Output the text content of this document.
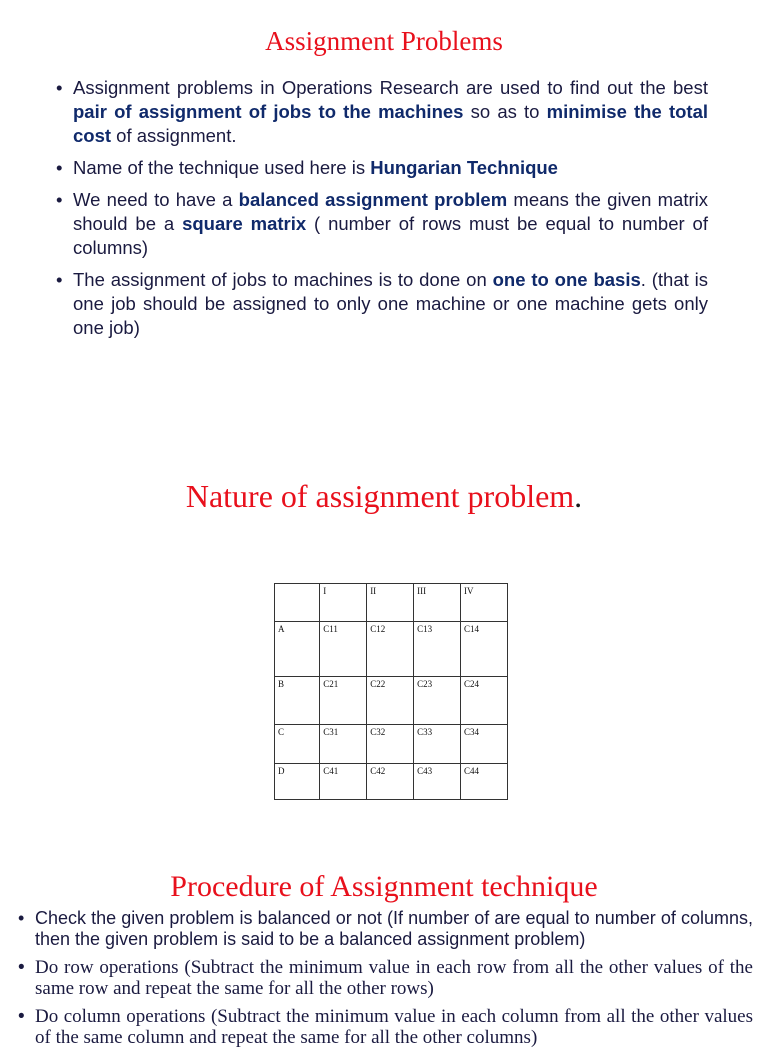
Assignment Problems
• Assignment problems in Operations Research are used to find out the best pair of assignment of jobs to the machines so as to minimise the total cost of assignment.
• Name of the technique used here is Hungarian Technique
• We need to have a balanced assignment problem means the given matrix should be a square matrix ( number of rows must be equal to number of columns)
• The assignment of jobs to machines is to done on one to one basis. (that is one job should be assigned to only one machine or one machine gets only one job)
Nature of assignment problem.
	I	II	III	IV
A	C11	C12	C13	C14
B	C21	C22	C23	C24
C	C31	C32	C33	C34
D	C41	C42	C43	C44
Procedure of Assignment technique
• Check the given problem is balanced or not (If number of are equal to number of columns, then the given problem is said to be a balanced assignment problem)
• Do row operations (Subtract the minimum value in each row from all the other values of the same row and repeat the same for all the other rows)
• Do column operations (Subtract the minimum value in each column from all the other values of the same column and repeat the same for all the other columns)
